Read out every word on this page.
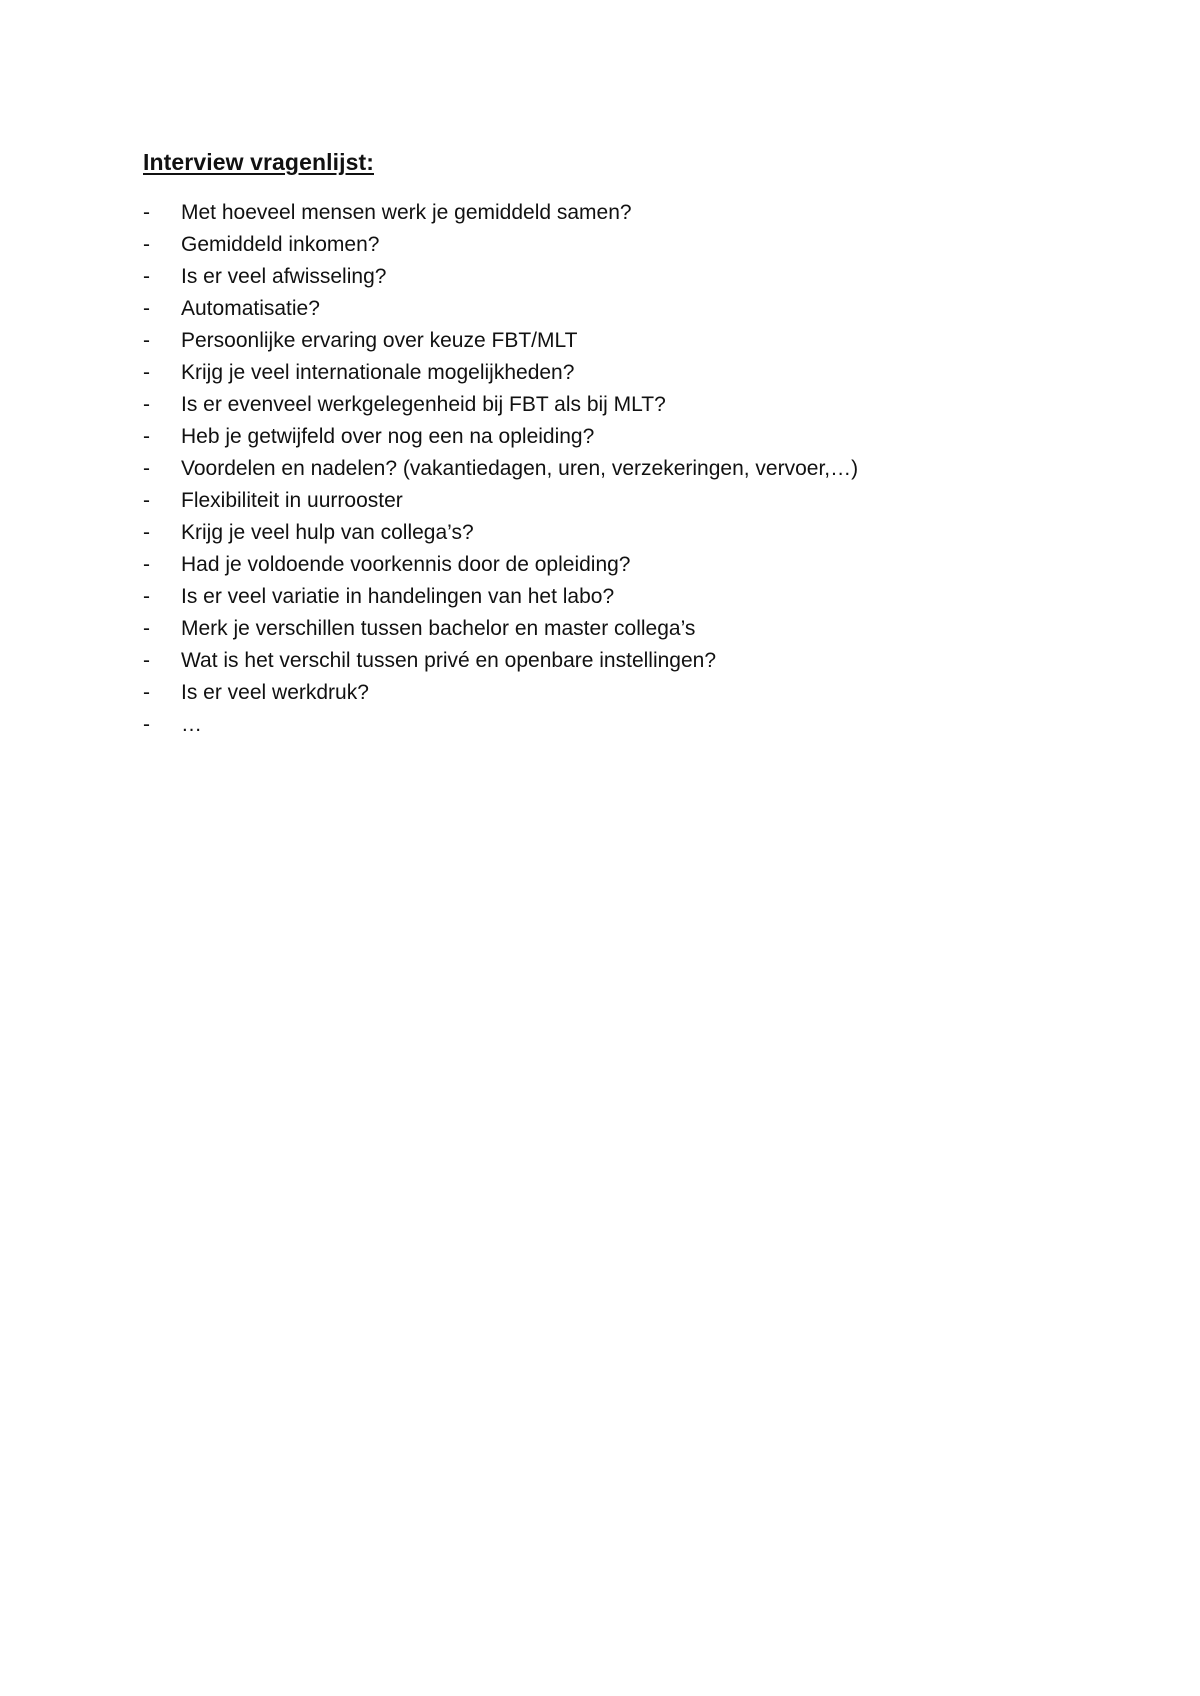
Interview vragenlijst:
-	Met hoeveel mensen werk je gemiddeld samen?
-	Gemiddeld inkomen?
-	Is er veel afwisseling?
-	Automatisatie?
-	Persoonlijke ervaring over keuze FBT/MLT
-	Krijg je veel internationale mogelijkheden?
-	Is er evenveel werkgelegenheid bij FBT als bij MLT?
-	Heb je getwijfeld over nog een na opleiding?
-	Voordelen en nadelen? (vakantiedagen, uren, verzekeringen, vervoer,…)
-	Flexibiliteit in uurrooster
-	Krijg je veel hulp van collega’s?
-	Had je voldoende voorkennis door de opleiding?
-	Is er veel variatie in handelingen van het labo?
-	Merk je verschillen tussen bachelor en master collega’s
-	Wat is het verschil tussen privé en openbare instellingen?
-	Is er veel werkdruk?
-	…
